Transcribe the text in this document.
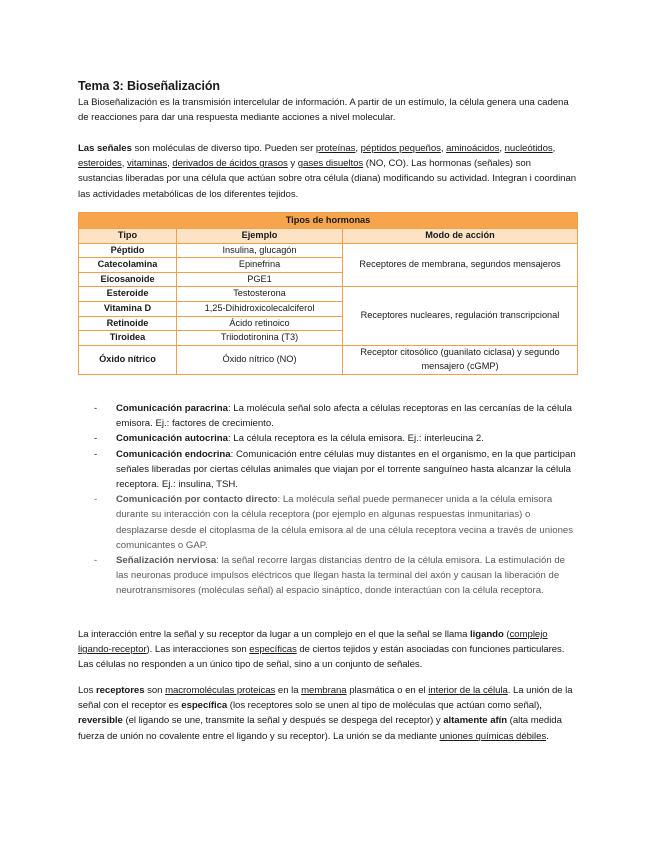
Tema 3: Bioseñalización

La Bioseñalización es la transmisión intercelular de información. A partir de un estímulo, la célula genera una cadena de reacciones para dar una respuesta mediante acciones a nivel molecular.

Las señales son moléculas de diverso tipo. Pueden ser proteínas, péptidos pequeños, aminoácidos, nucleótidos, esteroides, vitaminas, derivados de ácidos grasos y gases disueltos (NO, CO). Las hormonas (señales) son sustancias liberadas por una célula que actúan sobre otra célula (diana) modificando su actividad. Integran i coordinan las actividades metabólicas de los diferentes tejidos.

Tipos de hormonas		
Tipo	Ejemplo	Modo de acción
Péptido	Insulina, glucagón	Receptores de membrana, segundos mensajeros
Catecolamina	Epinefrina	
Eicosanoide	PGE1	
Esteroide	Testosterona	Receptores nucleares, regulación transcripcional
Vitamina D	1,25-Dihidroxicolecalciferol	
Retinoide	Ácido retinoico	
Tiroidea	Triiodotironina (T3)	
Óxido nítrico	Óxido nítrico (NO)	Receptor citosólico (guanilato ciclasa) y segundo mensajero (cGMP)
- Comunicación paracrina: La molécula señal solo afecta a células receptoras en las cercanías de la célula emisora. Ej.: factores de crecimiento.
- Comunicación autocrina: La célula receptora es la célula emisora. Ej.: interleucina 2.
- Comunicación endocrina: Comunicación entre células muy distantes en el organismo, en la que participan señales liberadas por ciertas células animales que viajan por el torrente sanguíneo hasta alcanzar la célula receptora. Ej.: insulina, TSH.
- Comunicación por contacto directo: La molécula señal puede permanecer unida a la célula emisora durante su interacción con la célula receptora (por ejemplo en algunas respuestas inmunitarias) o desplazarse desde el citoplasma de la célula emisora al de una célula receptora vecina a través de uniones comunicantes o GAP.
- Señalización nerviosa: la señal recorre largas distancias dentro de la célula emisora. La estimulación de las neuronas produce impulsos eléctricos que llegan hasta la terminal del axón y causan la liberación de neurotransmisores (moléculas señal) al espacio sináptico, donde interactúan con la célula receptora.

La interacción entre la señal y su receptor da lugar a un complejo en el que la señal se llama ligando (complejo ligando-receptor). Las interacciones son específicas de ciertos tejidos y están asociadas con funciones particulares. Las células no responden a un único tipo de señal, sino a un conjunto de señales.

Los receptores son macromoléculas proteicas en la membrana plasmática o en el interior de la célula. La unión de la señal con el receptor es específica (los receptores solo se unen al tipo de moléculas que actúan como señal), reversible (el ligando se une, transmite la señal y después se despega del receptor) y altamente afín (alta medida fuerza de unión no covalente entre el ligando y su receptor). La unión se da mediante uniones químicas débiles.
